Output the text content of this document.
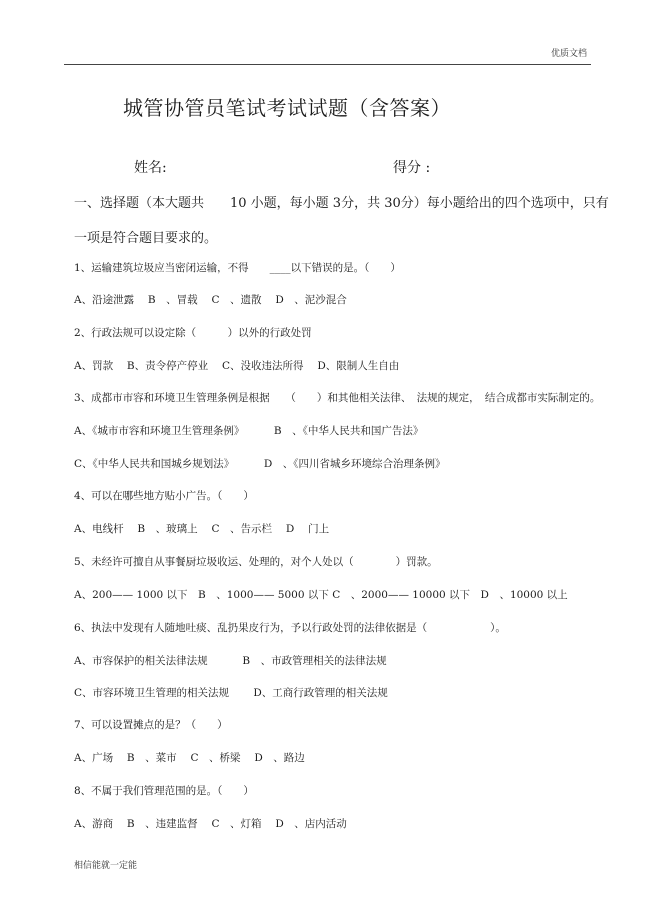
优质文档
城管协管员笔试考试试题（含答案）
姓名:	得分 :
一、选择题（本大题共　　10 小题，每小题 3分，共 30分）每小题给出的四个选项中，只有
一项是符合题目要求的。
1、运输建筑垃圾应当密闭运输，不得　　____以下错误的是。（　　）
A、沿途泄露　 B　、冒载　 C　、遗散　 D　、泥沙混合
2、行政法规可以设定除（　　　）以外的行政处罚
A、罚款　 B、责令停产停业　 C、没收违法所得　 D、限制人生自由
3、成都市市容和环境卫生管理条例是根据　　（　　）和其他相关法律、　法规的规定，　结合成都市实际制定的。
A、《城市市容和环境卫生管理条例》　　　 B　、《中华人民共和国广告法》
C、《中华人民共和国城乡规划法》　　　 D　、《四川省城乡环境综合治理条例》
4、可以在哪些地方贴小广告。（　　）
A、电线杆　 B　、玻璃上　 C　、告示栏　 D　 门上
5、未经许可擅自从事餐厨垃圾收运、处理的，对个人处以（　　　　）罚款。
A、200—— 1000 以下　B　、1000—— 5000 以下 C　、2000—— 10000 以下　D　、10000 以上
6、执法中发现有人随地吐痰、乱扔果皮行为，予以行政处罚的法律依据是（　　　　　　）。
A、市容保护的相关法律法规　　　 B　、市政管理相关的法律法规
C、市容环境卫生管理的相关法规　　 D、工商行政管理的相关法规
7、可以设置摊点的是？（　　）
A、广场　 B　、菜市　 C　、桥梁　 D　、路边
8、不属于我们管理范围的是。（　　）
A、游商　 B　、违建监督　 C　、灯箱　 D　、店内活动
相信能就一定能
